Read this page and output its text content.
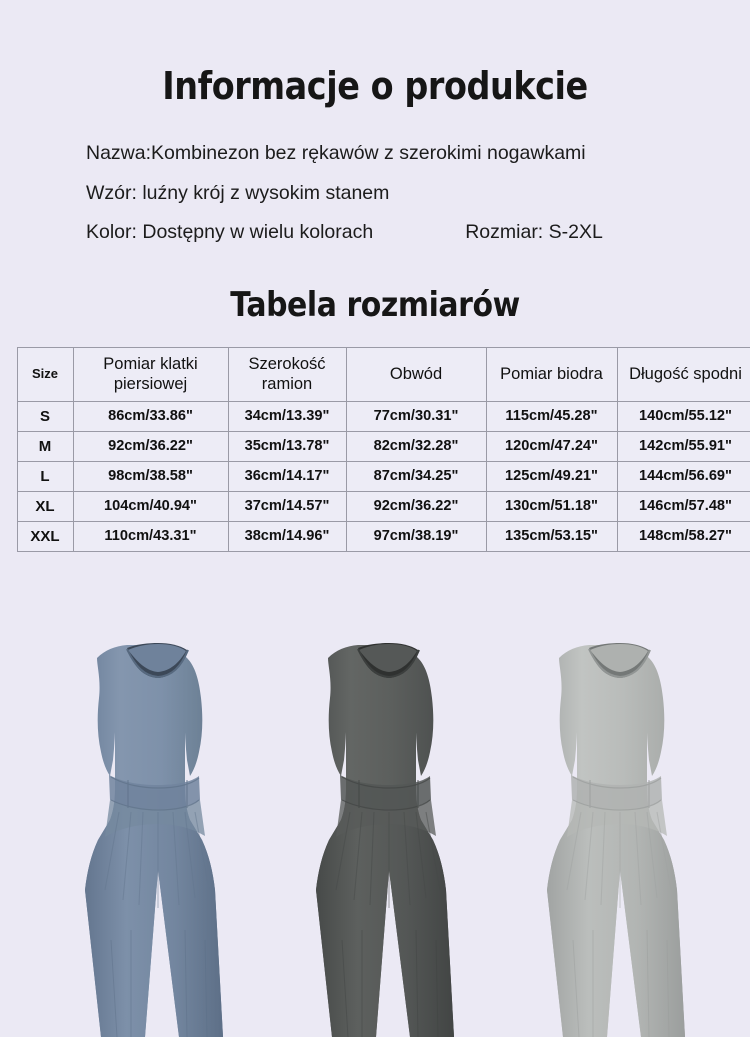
Informacje o produkcie
Nazwa:Kombinezon bez rękawów z szerokimi nogawkami
Wzór: luźny krój z wysokim stanem
Kolor: Dostępny w wielu kolorach	Rozmiar: S-2XL
Tabela rozmiarów
Size	Pomiar klatki piersiowej	Szerokość ramion	Obwód	Pomiar biodra	Długość spodni
S	86cm/33.86"	34cm/13.39"	77cm/30.31"	115cm/45.28"	140cm/55.12"
M	92cm/36.22"	35cm/13.78"	82cm/32.28"	120cm/47.24"	142cm/55.91"
L	98cm/38.58"	36cm/14.17"	87cm/34.25"	125cm/49.21"	144cm/56.69"
XL	104cm/40.94"	37cm/14.57"	92cm/36.22"	130cm/51.18"	146cm/57.48"
XXL	110cm/43.31"	38cm/14.96"	97cm/38.19"	135cm/53.15"	148cm/58.27"
